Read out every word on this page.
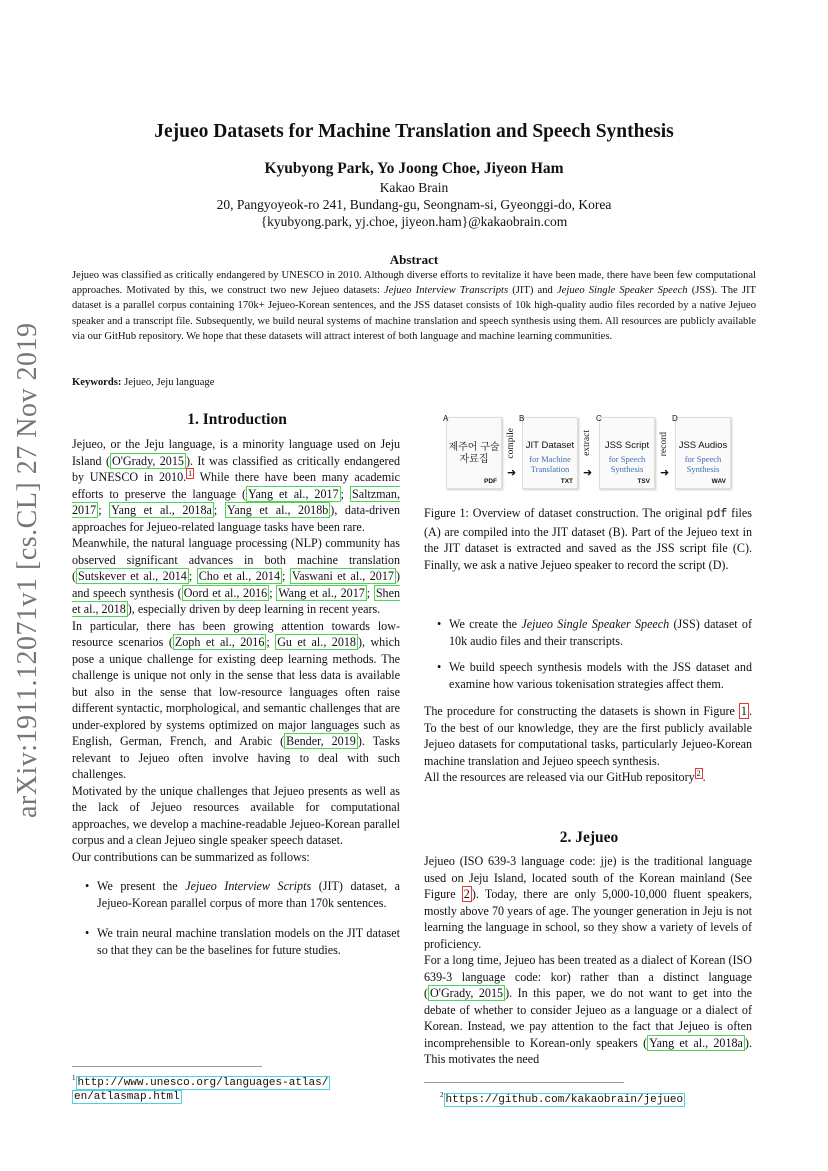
arXiv:1911.12071v1 [cs.CL] 27 Nov 2019
Jejueo Datasets for Machine Translation and Speech Synthesis
Kyubyong Park, Yo Joong Choe, Jiyeon Ham
Kakao Brain
20, Pangyoyeok-ro 241, Bundang-gu, Seongnam-si, Gyeonggi-do, Korea
{kyubyong.park, yj.choe, jiyeon.ham}@kakaobrain.com
Abstract
Jejueo was classified as critically endangered by UNESCO in 2010. Although diverse efforts to revitalize it have been made, there have been few computational approaches. Motivated by this, we construct two new Jejueo datasets: Jejueo Interview Transcripts (JIT) and Jejueo Single Speaker Speech (JSS). The JIT dataset is a parallel corpus containing 170k+ Jejueo-Korean sentences, and the JSS dataset consists of 10k high-quality audio files recorded by a native Jejueo speaker and a transcript file. Subsequently, we build neural systems of machine translation and speech synthesis using them. All resources are publicly available via our GitHub repository. We hope that these datasets will attract interest of both language and machine learning communities.
Keywords: Jejueo, Jeju language
1. Introduction

Jejueo, or the Jeju language, is a minority language used on Jeju Island ( O'Grady, 2015 ). It was classified as critically endangered by UNESCO in 2010. $^1$ While there have been many academic efforts to preserve the language ( Yang et al., 2017 ; Saltzman, 2017 ; Yang et al., 2018a ; Yang et al., 2018b ), data-driven approaches for Jejueo-related language tasks have been rare.

Meanwhile, the natural language processing (NLP) community has observed significant advances in both machine translation ( Sutskever et al., 2014 ; Cho et al., 2014 ; Vaswani et al., 2017 ) and speech synthesis ( Oord et al., 2016 ; Wang et al., 2017 ; Shen et al., 2018 ), especially driven by deep learning in recent years.

In particular, there has been growing attention towards low-resource scenarios ( Zoph et al., 2016 ; Gu et al., 2018 ), which pose a unique challenge for existing deep learning methods. The challenge is unique not only in the sense that less data is available but also in the sense that low-resource languages often raise different syntactic, morphological, and semantic challenges that are under-explored by systems optimized on major languages such as English, German, French, and Arabic ( Bender, 2019 ). Tasks relevant to Jejueo often involve having to deal with such challenges.

Motivated by the unique challenges that Jejueo presents as well as the lack of Jejueo resources available for computational approaches, we develop a machine-readable Jejueo-Korean parallel corpus and a clean Jejueo single speaker speech dataset.

Our contributions can be summarized as follows:

• We present the Jejueo Interview Scripts (JIT) dataset, a Jejueo-Korean parallel corpus of more than 170k sentences.
• We train neural machine translation models on the JIT dataset so that they can be the baselines for future studies.
$^1$ http://www.unesco.org/languages-atlas/
en/atlasmap.html
A
제주어 구술자료집
PDF
compile
➜
B
JIT Dataset
for Machine Translation
TXT
extract
➜
C
JSS Script
for Speech Synthesis
TSV
record
➜
D
JSS Audios
for Speech Synthesis
WAV
Figure 1: Overview of dataset construction. The original pdf files (A) are compiled into the JIT dataset (B). Part of the Jejueo text in the JIT dataset is extracted and saved as the JSS script file (C). Finally, we ask a native Jejueo speaker to record the script (D).
• We create the Jejueo Single Speaker Speech (JSS) dataset of 10k audio files and their transcripts.
• We build speech synthesis models with the JSS dataset and examine how various tokenisation strategies affect them.

The procedure for constructing the datasets is shown in Figure 1 . To the best of our knowledge, they are the first publicly available Jejueo datasets for computational tasks, particularly Jejueo-Korean machine translation and Jejueo speech synthesis.

All the resources are released via our GitHub repository $^2$ .

2. Jejueo

Jejueo (ISO 639-3 language code: jje) is the traditional language used on Jeju Island, located south of the Korean mainland (See Figure 2 ). Today, there are only 5,000-10,000 fluent speakers, mostly above 70 years of age. The younger generation in Jeju is not learning the language in school, so they show a variety of levels of proficiency.

For a long time, Jejueo has been treated as a dialect of Korean (ISO 639-3 language code: kor) rather than a distinct language ( O'Grady, 2015 ). In this paper, we do not want to get into the debate of whether to consider Jejueo as a language or a dialect of Korean. Instead, we pay attention to the fact that Jejueo is often incomprehensible to Korean-only speakers ( Yang et al., 2018a ). This motivates the need

$^2$ https://github.com/kakaobrain/jejueo
